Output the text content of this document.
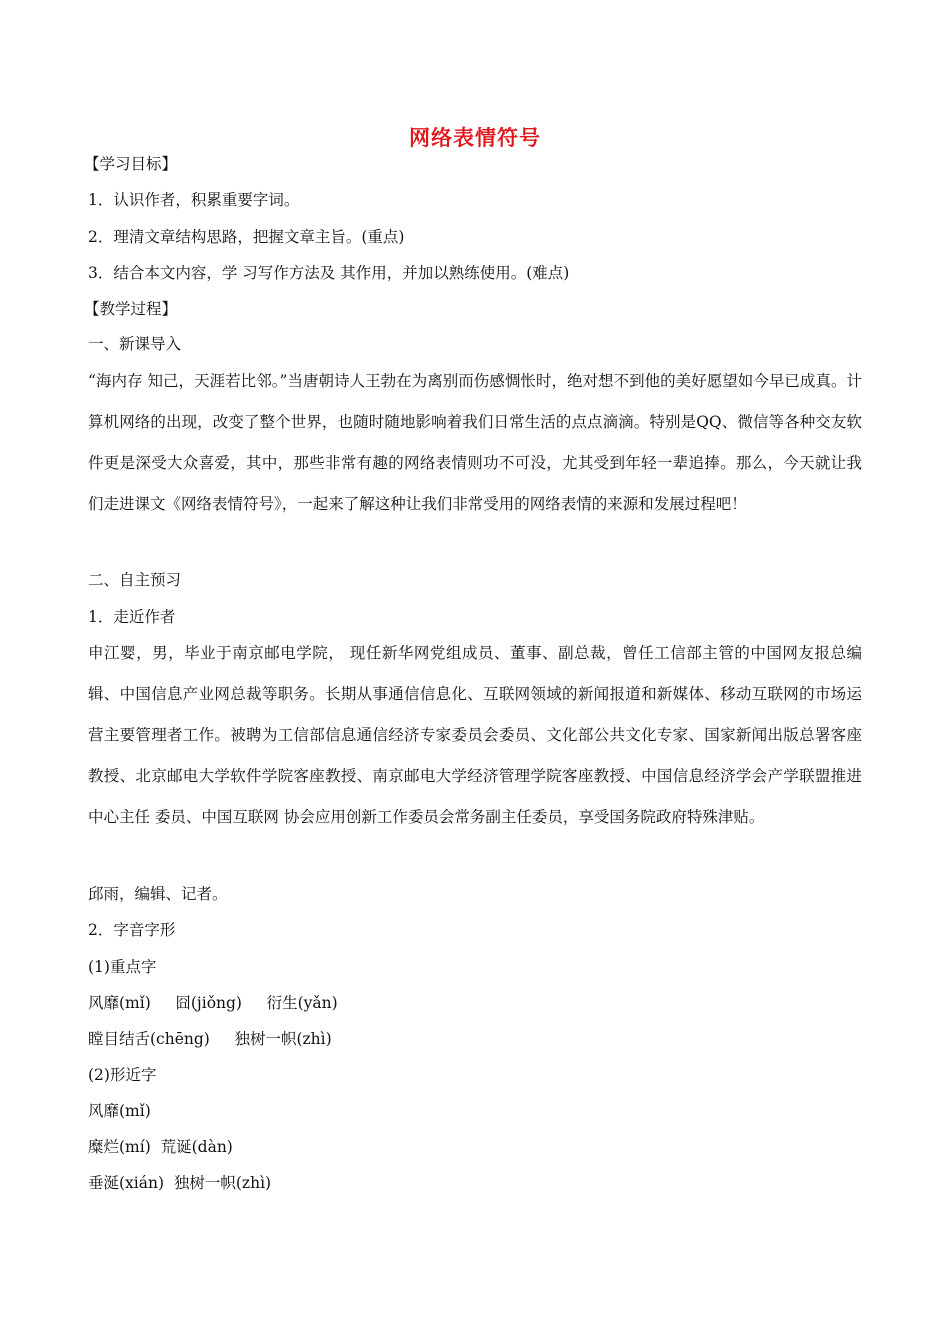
网络表情符号
【学习目标】
1．认识作者，积累重要字词。
2．理清文章结构思路，把握文章主旨。(重点)
3．结合本文内容，学 习写作方法及 其作用，并加以熟练使用。(难点)
【教学过程】
一、新课导入
“海内存 知己，天涯若比邻。”当唐朝诗人王勃在为离别而伤感惆怅时，绝对想不到他的美好愿望如今早已成真。计算机网络的出现，改变了整个世界，也随时随地影响着我们日常生活的点点滴滴。特别是QQ、微信等各种交友软件更是深受大众喜爱，其中，那些非常有趣的网络表情则功不可没，尤其受到年轻一辈追捧。那么，今天就让我们走进课文《网络表情符号》，一起来了解这种让我们非常受用的网络表情的来源和发展过程吧！
二、自主预习
1．走近作者
申江婴，男，毕业于南京邮电学院， 现任新华网党组成员、董事、副总裁，曾任工信部主管的中国网友报总编辑、中国信息产业网总裁等职务。长期从事通信信息化、互联网领域的新闻报道和新媒体、移动互联网的市场运营主要管理者工作。被聘为工信部信息通信经济专家委员会委员、文化部公共文化专家、国家新闻出版总署客座教授、北京邮电大学软件学院客座教授、南京邮电大学经济管理学院客座教授、中国信息经济学会产学联盟推进中心主任 委员、中国互联网 协会应用创新工作委员会常务副主任委员，享受国务院政府特殊津贴。
邱雨，编辑、记者。
2．字音字形
(1)重点字
风靡(mǐ)     囧(jiǒng)     衍生(yǎn)
瞠目结舌(chēng)     独树一帜(zhì)
(2)形近字
风靡(mǐ)
糜烂(mí)  荒诞(dàn)
垂涎(xián)  独树一帜(zhì)
